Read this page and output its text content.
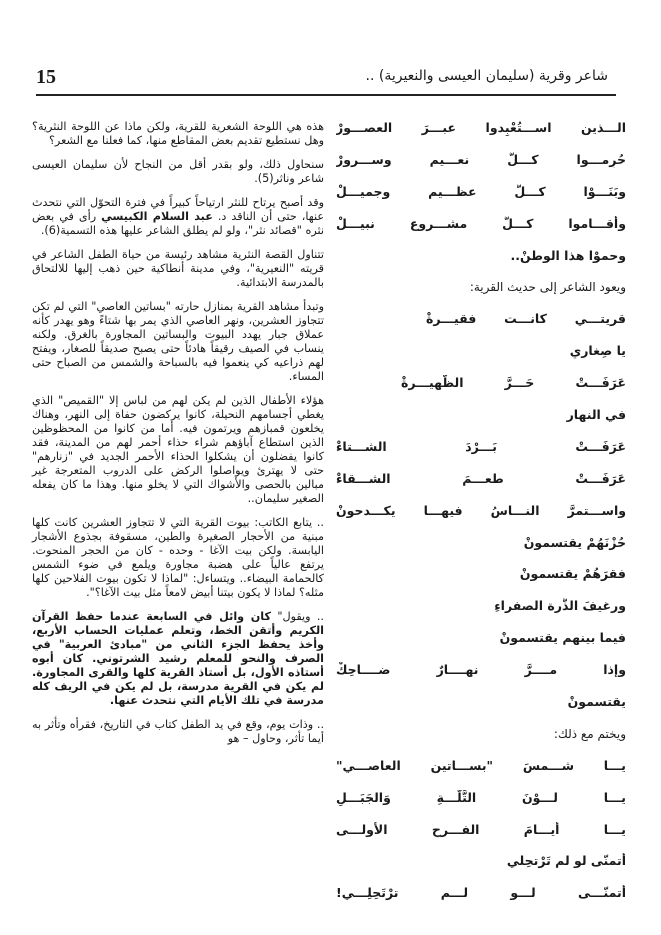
15	شاعر وقرية (سليمان العيسى والنعيرية) ..
الـــذين اســـتُعْبِدوا عبـــرَ العصـــورْ
حُرِمـــوا كـــلَّ نعـــيم وســـرورْ
وبَنَـــوْا كـــلَّ عظـــيم وجميـــلْ
وأقـــاموا كـــلَّ مشـــروع نبيـــلْ
وحموْا هذا الوطنْ..
ويعود الشاعر إلى حديث القرية:
قريتـــي كانـــت فقيـــرةْ
يا صِغاري
عَرَفَـــتْ حَـــرَّ الظَّهيـــرةْ
في النهار
عَرَفَـــتْ بَـــرْدَ الشـــتاءْ
عَرَفَـــتْ طعـــمَ الشـــقاءْ
واســـتمرَّ النـــاسُ فيهـــا يكـــدحونْ
حُزْنَهُمْ يقتسمونْ
فقرَهُمْ يقتسمونْ
ورغيفَ الذُّرة الصفراءِ
فيما بينهم يقتسمونْ
وإذا مــــرَّ نهــــارٌ ضــــاحِكْ
يقتسمونْ
ويختم مع ذلك:
يـــا شـــمسَ "بســـاتين العاصـــي"
يـــا لـــوْنَ التَّلَّـــةِ وَالجَبَـــلِ
يـــا أيـــامَ الفـــرحِ الأولـــى
أتمنّى لو لم تَرْتحِلي
أتمنّـــى لـــو لـــم ترْتَحِلِـــي!

هذه هي اللوحة الشعرية للقرية، ولكن ماذا عن اللوحة النثرية؟ وهل نستطيع تقديم بعض المقاطع منها، كما فعلنا مع الشعر؟

سنحاول ذلك، ولو بقدر أقل من النجاح لأن سليمان العيسى شاعر وناثر(5).

وقد أصبح يرتاح للنثر ارتياحاً كبيراً في فترة التحوّل التي نتحدث عنها، حتى أن الناقد د. عبد السلام الكبيسي رأى في بعض نثره "قصائد نثر"، ولو لم يطلق الشاعر عليها هذه التسمية(6).

تتناول القصة النثرية مشاهد رئيسة من حياة الطفل الشاعر في قريته "النعيرية"، وفي مدينة أنطاكية حين ذهب إليها للالتحاق بالمدرسة الابتدائية.

وتبدأ مشاهد القرية بمنازل حارته "بساتين العاصي" التي لم تكن تتجاوز العشرين، ونهر العاصي الذي يمر بها شتاءً وهو يهدر كأنه عملاق جبار يهدد البيوت والبساتين المجاورة بالغرق. ولكنه ينساب في الصيف رقيقاً هادئاً حتى يصبح صديقاً للصغار، ويفتح لهم ذراعيه كي ينعموا فيه بالسباحة والشمس من الصباح حتى المساء.

هؤلاء الأطفال الذين لم يكن لهم من لباس إلا "القميص" الذي يغطي أجسامهم النحيلة، كانوا يركضون حفاة إلى النهر، وهناك يخلعون قمبازهم ويرتمون فيه. أما من كانوا من المحظوظين الذين استطاع آباؤهم شراء حذاء أحمر لهم من المدينة، فقد كانوا يفضلون أن يشكلوا الحذاء الأحمر الجديد في "زنارهم" حتى لا يهترئ ويواصلوا الركض على الدروب المتعرجة غير مبالين بالحصى والأشواك التي لا يخلو منها. وهذا ما كان يفعله الصغير سليمان..

.. يتابع الكاتب: بيوت القرية التي لا تتجاوز العشرين كانت كلها مبنية من الأحجار الصغيرة والطين، مسقوفة بجذوع الأشجار اليابسة. ولكن بيت الآغا - وحده - كان من الحجر المنحوت. يرتفع عالياً على هضبة مجاورة ويلمع في ضوء الشمس كالحمامة البيضاء.. ويتساءل: "لماذا لا تكون بيوت الفلاحين كلها مثله؟ لماذا لا يكون بيتنا أبيض لامعاً مثل بيت الآغا؟".

.. ويقول" كان وائل في السابعة عندما حفظ القرآن الكريم وأتقن الخط، وتعلم عمليات الحساب الأربع، وأخذ يحفظ الجزء الثاني من "مبادئ العربية" في الصرف والنحو للمعلم رشيد الشرتوني. كان أبوه أستاذه الأول، بل أستاذ القرية كلها والقرى المجاورة. لم يكن في القرية مدرسة، بل لم يكن في الريف كله مدرسة في تلك الأيام التي نتحدث عنها.

.. وذات يوم، وقع في يد الطفل كتاب في التاريخ، فقرأه وتأثر به أيما تأثر، وحاول – هو
